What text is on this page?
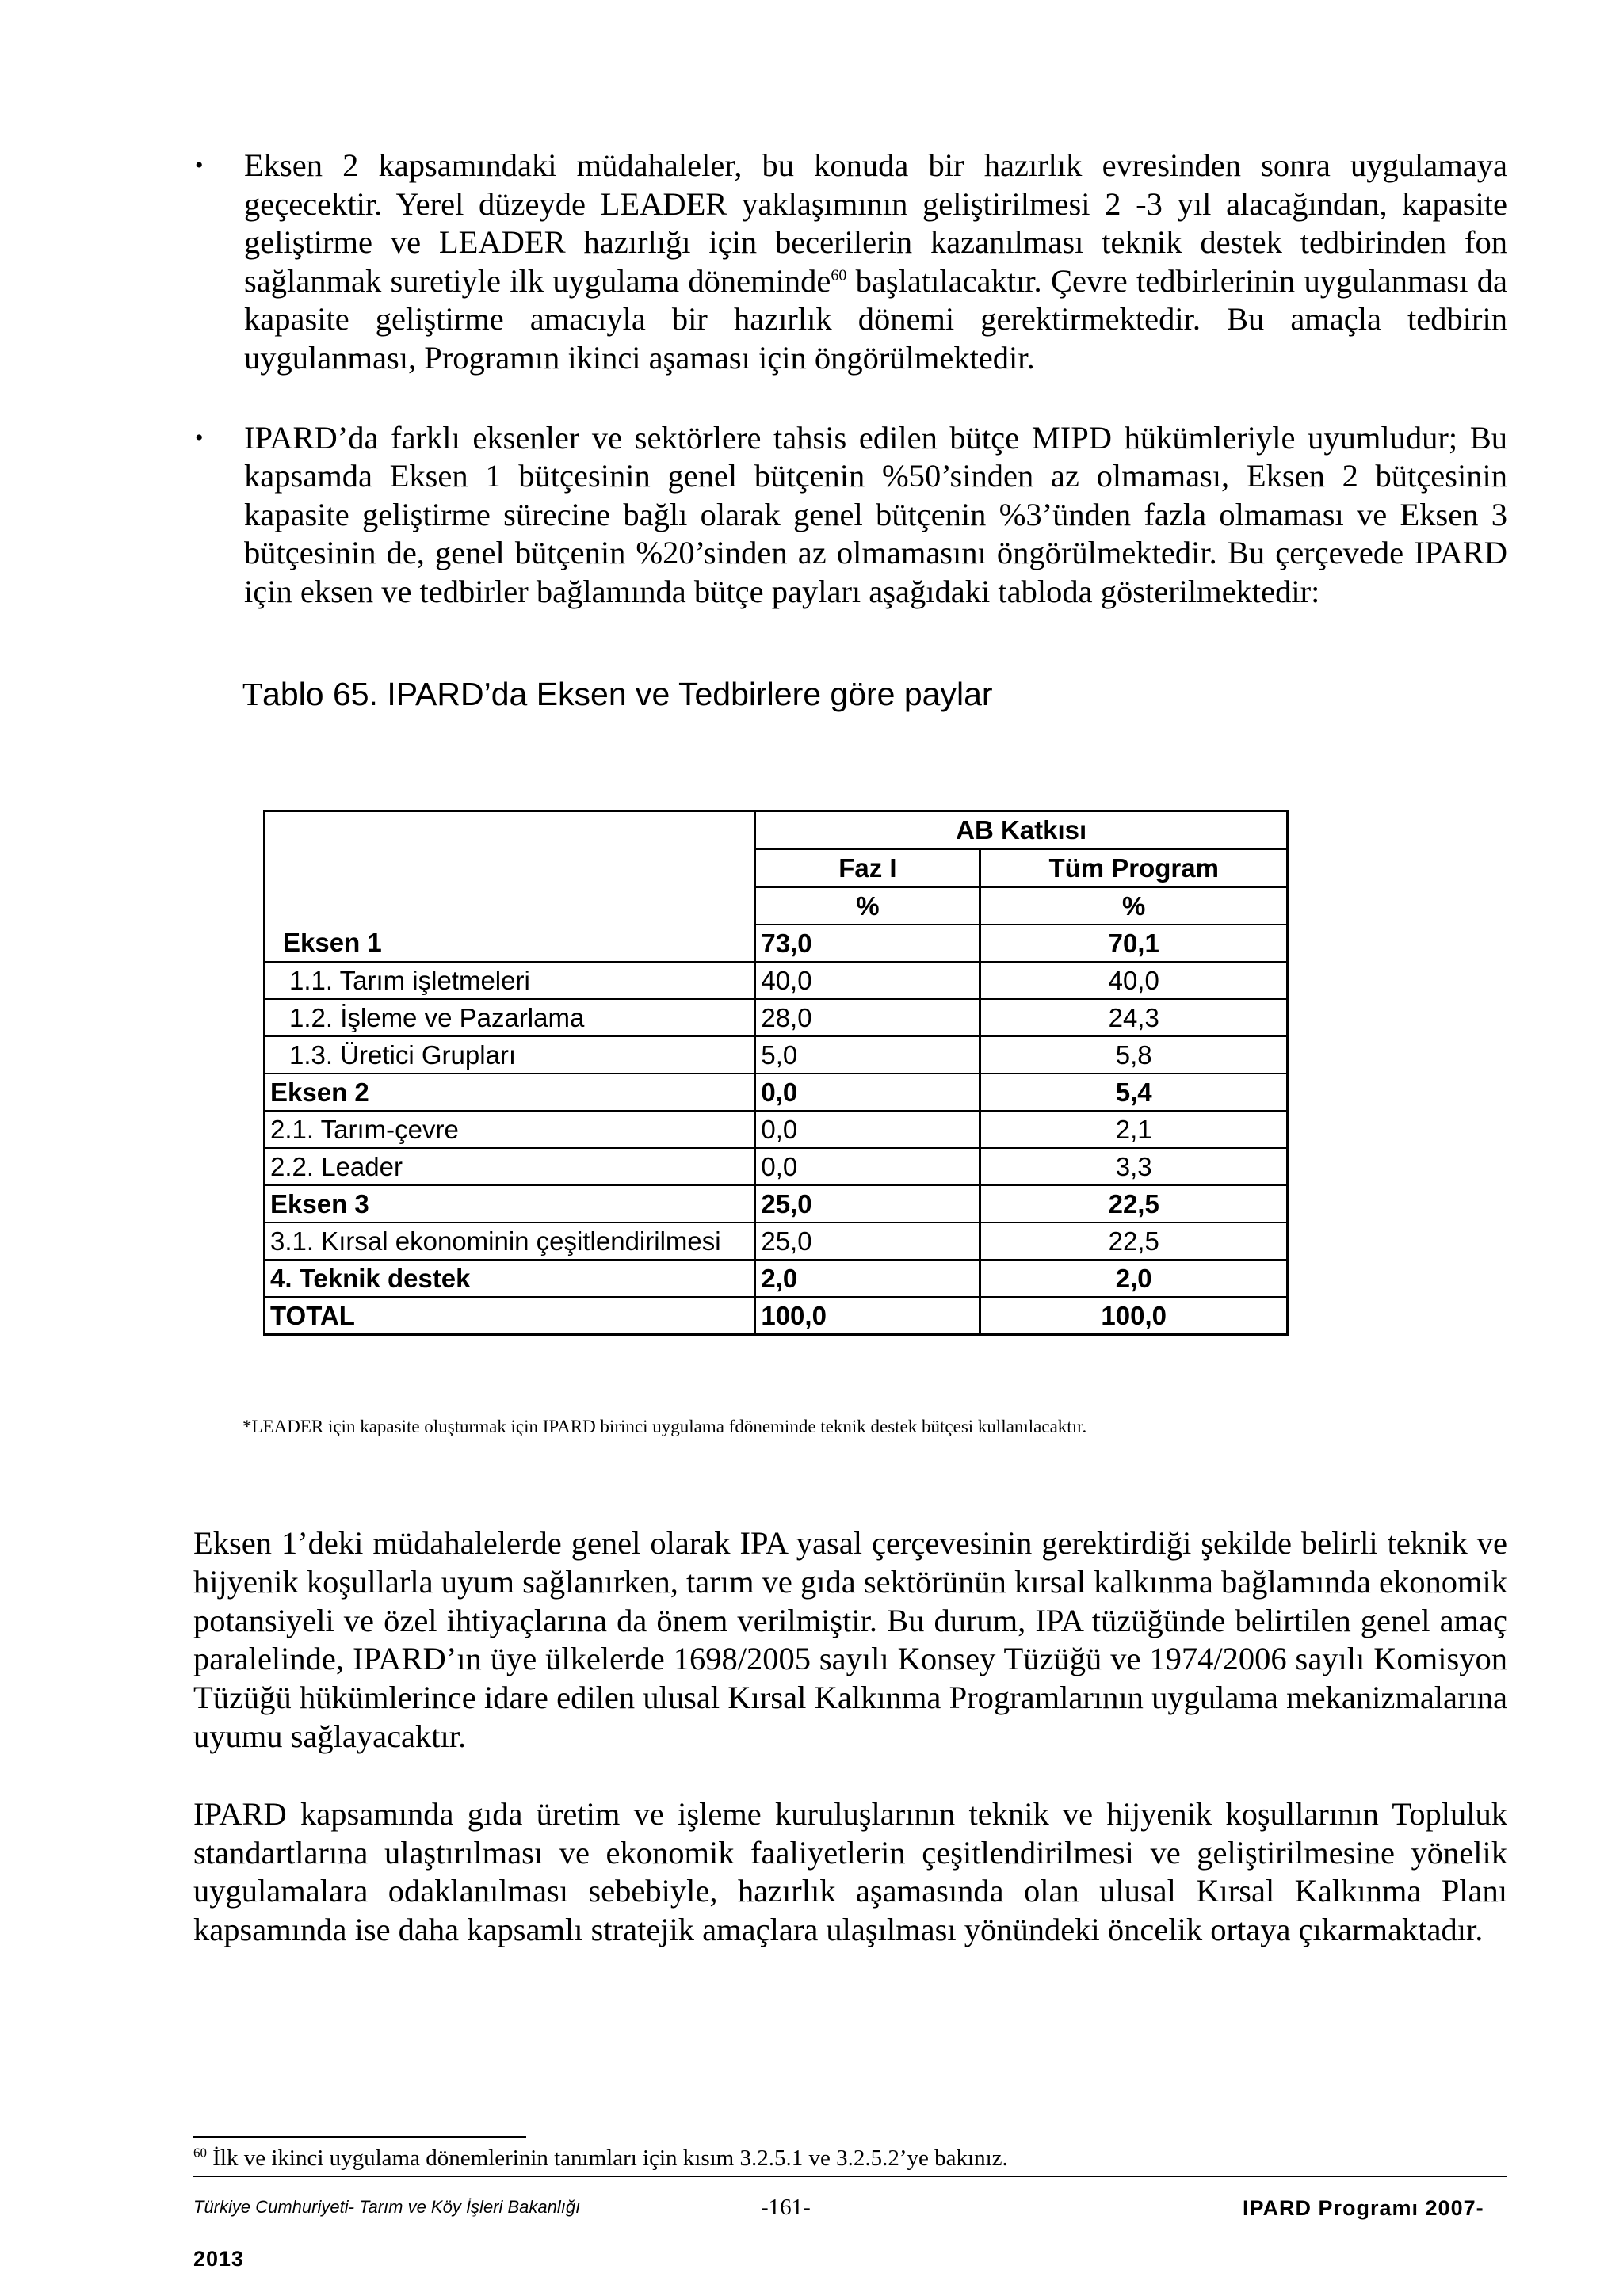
• Eksen 2 kapsamındaki müdahaleler, bu konuda bir hazırlık evresinden sonra uygulamaya geçecektir. Yerel düzeyde LEADER yaklaşımının geliştirilmesi 2 -3 yıl alacağından, kapasite geliştirme ve LEADER hazırlığı için becerilerin kazanılması teknik destek tedbirinden fon sağlanmak suretiyle ilk uygulama döneminde$^{60}$ başlatılacaktır. Çevre tedbirlerinin uygulanması da kapasite geliştirme amacıyla bir hazırlık dönemi gerektirmektedir. Bu amaçla tedbirin uygulanması, Programın ikinci aşaması için öngörülmektedir.
• IPARD’da farklı eksenler ve sektörlere tahsis edilen bütçe MIPD hükümleriyle uyumludur; Bu kapsamda Eksen 1 bütçesinin genel bütçenin %50’sinden az olmaması, Eksen 2 bütçesinin kapasite geliştirme sürecine bağlı olarak genel bütçenin %3’ünden fazla olmaması ve Eksen 3 bütçesinin de, genel bütçenin %20’sinden az olmamasını öngörülmektedir. Bu çerçevede IPARD için eksen ve tedbirler bağlamında bütçe payları aşağıdaki tabloda gösterilmektedir:
Tablo 65. IPARD’da Eksen ve Tedbirlere göre paylar
	AB Katkısı	
	Faz I	Tüm Program
	%	%
Eksen 1	73,0	70,1
1.1. Tarım işletmeleri	40,0	40,0
1.2. İşleme ve Pazarlama	28,0	24,3
1.3. Üretici Grupları	5,0	5,8
Eksen 2	0,0	5,4
2.1. Tarım-çevre	0,0	2,1
2.2. Leader	0,0	3,3
Eksen 3	25,0	22,5
3.1. Kırsal ekonominin çeşitlendirilmesi	25,0	22,5
4. Teknik destek	2,0	2,0
TOTAL	100,0	100,0
*LEADER için kapasite oluşturmak için IPARD birinci uygulama fdöneminde teknik destek bütçesi kullanılacaktır.

Eksen 1’deki müdahalelerde genel olarak IPA yasal çerçevesinin gerektirdiği şekilde belirli teknik ve hijyenik koşullarla uyum sağlanırken, tarım ve gıda sektörünün kırsal kalkınma bağlamında ekonomik potansiyeli ve özel ihtiyaçlarına da önem verilmiştir. Bu durum, IPA tüzüğünde belirtilen genel amaç paralelinde, IPARD’ın üye ülkelerde 1698/2005 sayılı Konsey Tüzüğü ve 1974/2006 sayılı Komisyon Tüzüğü hükümlerince idare edilen ulusal Kırsal Kalkınma Programlarının uygulama mekanizmalarına uyumu sağlayacaktır.

IPARD kapsamında gıda üretim ve işleme kuruluşlarının teknik ve hijyenik koşullarının Topluluk standartlarına ulaştırılması ve ekonomik faaliyetlerin çeşitlendirilmesi ve geliştirilmesine yönelik uygulamalara odaklanılması sebebiyle, hazırlık aşamasında olan ulusal Kırsal Kalkınma Planı kapsamında ise daha kapsamlı stratejik amaçlara ulaşılması yönündeki öncelik ortaya çıkarmaktadır.

$^{60}$ İlk ve ikinci uygulama dönemlerinin tanımları için kısım 3.2.5.1 ve 3.2.5.2’ye bakınız.
Türkiye Cumhuriyeti- Tarım ve Köy İşleri Bakanlığı	-161-	IPARD Programı 2007-
2013
